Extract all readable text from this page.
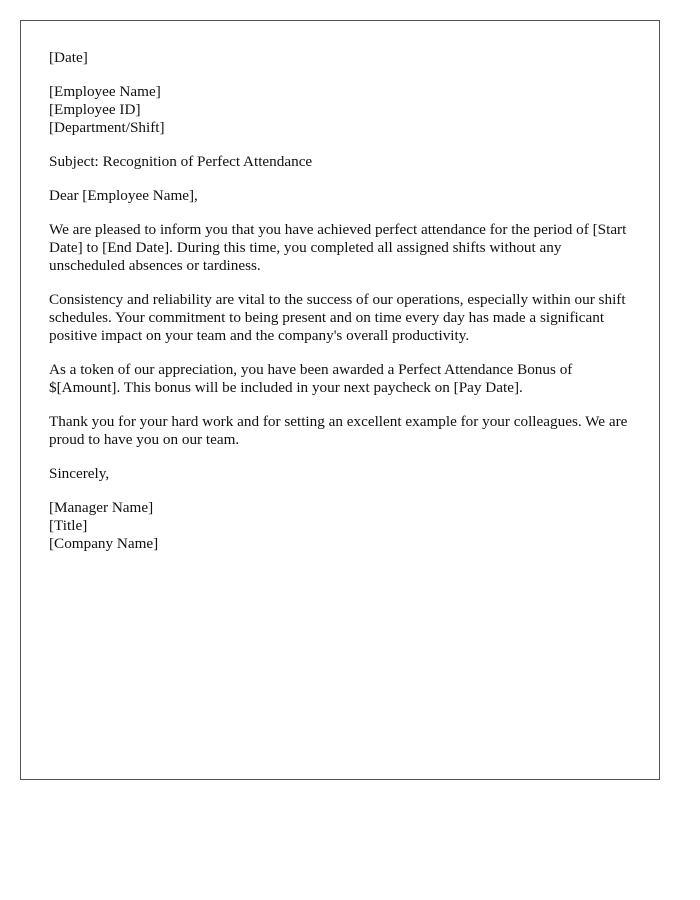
[Date]

[Employee Name]

[Employee ID]

[Department/Shift]

Subject: Recognition of Perfect Attendance

Dear [Employee Name],

We are pleased to inform you that you have achieved perfect attendance for the period of [Start Date] to [End Date]. During this time, you completed all assigned shifts without any unscheduled absences or tardiness.

Consistency and reliability are vital to the success of our operations, especially within our shift schedules. Your commitment to being present and on time every day has made a significant positive impact on your team and the company's overall productivity.

As a token of our appreciation, you have been awarded a Perfect Attendance Bonus of $[Amount]. This bonus will be included in your next paycheck on [Pay Date].

Thank you for your hard work and for setting an excellent example for your colleagues. We are proud to have you on our team.

Sincerely,

[Manager Name]

[Title]

[Company Name]
